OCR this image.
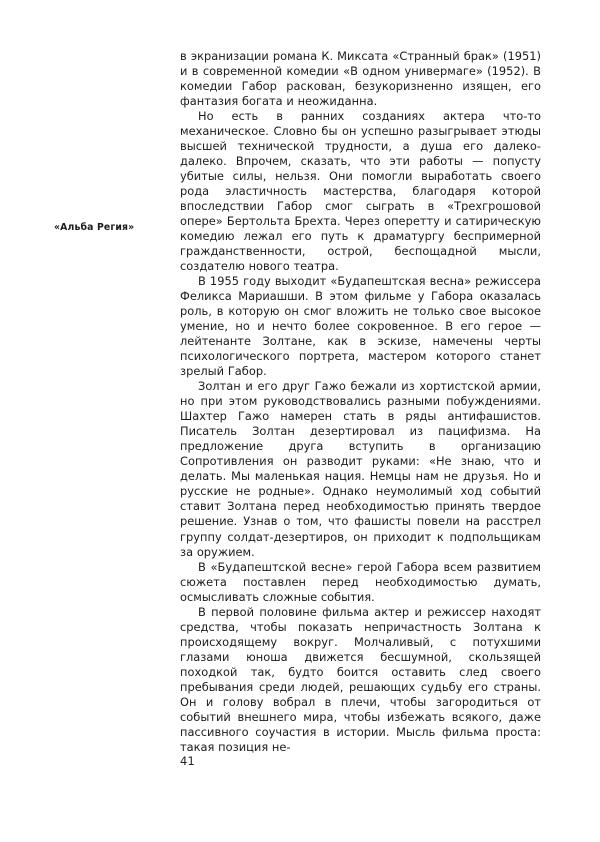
«Альба Регия»

в экранизации романа К. Миксата «Странный брак» (1951) и в современной комедии «В одном универмаге» (1952). В комедии Габор раскован, безукоризненно изящен, его фантазия богата и неожиданна.

Но есть в ранних созданиях актера что-то механическое. Словно бы он успешно разыгрывает этюды высшей технической трудности, а душа его далеко-далеко. Впрочем, сказать, что эти работы — попусту убитые силы, нельзя. Они помогли выработать своего рода эластичность мастерства, благодаря которой впоследствии Габор смог сыграть в «Трехгрошовой опере» Бертольта Брехта. Через оперетту и сатирическую комедию лежал его путь к драматургу беспримерной гражданственности, острой, беспощадной мысли, создателю нового театра.

В 1955 году выходит «Будапештская весна» режиссера Феликса Мариашши. В этом фильме у Габора оказалась роль, в которую он смог вложить не только свое высокое умение, но и нечто более сокровенное. В его герое — лейтенанте Золтане, как в эскизе, намечены черты психологического портрета, мастером которого станет зрелый Габор.

Золтан и его друг Гажо бежали из хортистской армии, но при этом руководствовались разными побуждениями. Шахтер Гажо намерен стать в ряды антифашистов. Писатель Золтан дезертировал из пацифизма. На предложение друга вступить в организацию Сопротивления он разводит руками: «Не знаю, что и делать. Мы маленькая нация. Немцы нам не друзья. Но и русские не родные». Однако неумолимый ход событий ставит Золтана перед необходимостью принять твердое решение. Узнав о том, что фашисты повели на расстрел группу солдат-дезертиров, он приходит к подпольщикам за оружием.

В «Будапештской весне» герой Габора всем развитием сюжета поставлен перед необходимостью думать, осмысливать сложные события.

В первой половине фильма актер и режиссер находят средства, чтобы показать непричастность Золтана к происходящему вокруг. Молчаливый, с потухшими глазами юноша движется бесшумной, скользящей походкой так, будто боится оставить след своего пребывания среди людей, решающих судьбу его страны. Он и голову вобрал в плечи, чтобы загородиться от событий внешнего мира, чтобы избежать всякого, даже пассивного соучастия в истории. Мысль фильма проста: такая позиция не-

41
